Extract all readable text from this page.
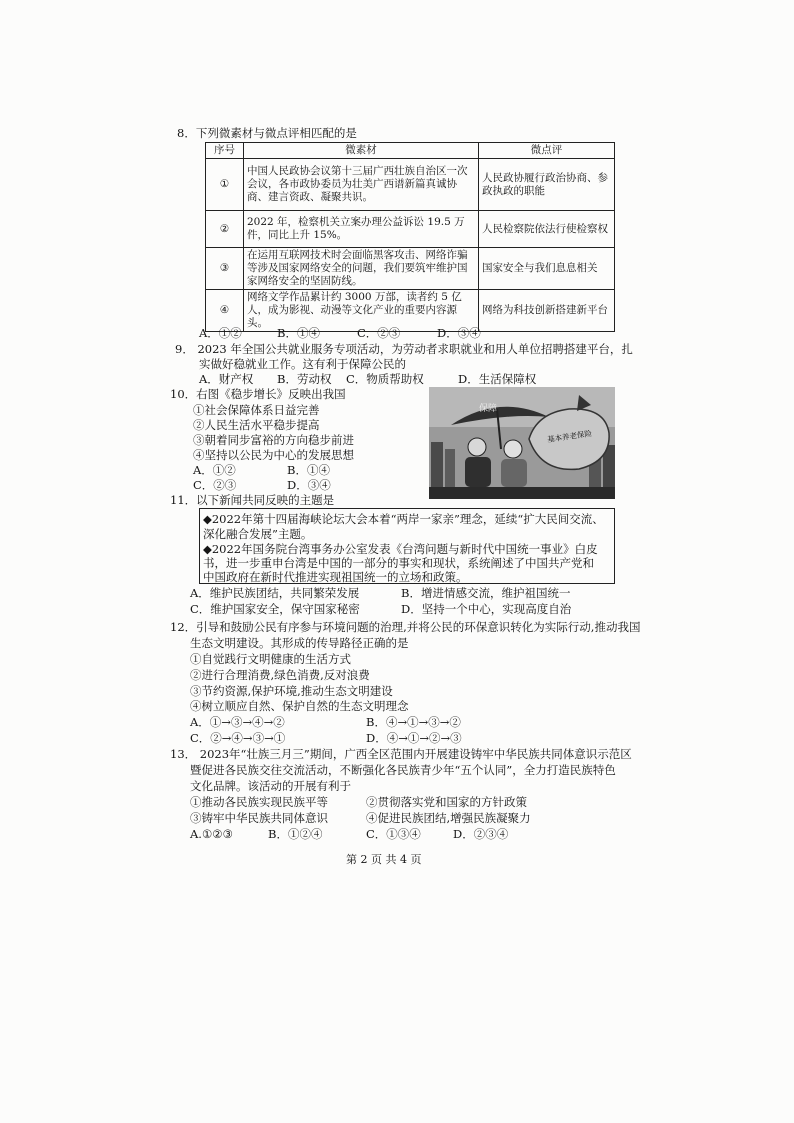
8．下列微素材与微点评相匹配的是
序号	微素材	微点评
①	中国人民政协会议第十三届广西壮族自治区一次会议，各市政协委员为壮美广西谱新篇真诚协商、建言资政、凝聚共识。	人民政协履行政治协商、参政执政的职能
②	2022 年，检察机关立案办理公益诉讼 19.5 万件，同比上升 15%。	人民检察院依法行使检察权
③	在运用互联网技术时会面临黑客攻击、网络诈骗等涉及国家网络安全的问题，我们要筑牢维护国家网络安全的坚固防线。	国家安全与我们息息相关
④	网络文学作品累计约 3000 万部，读者约 5 亿人，成为影视、动漫等文化产业的重要内容源头。	网络为科技创新搭建新平台
A．①②	B．①④	C．②③	D．③④
9． 2023 年全国公共就业服务专项活动，为劳动者求职就业和用人单位招聘搭建平台，扎
实做好稳就业工作。这有利于保障公民的
A．财产权 B．劳动权 C．物质帮助权	D．生活保障权
10．右图《稳步增长》反映出我国
①社会保障体系日益完善
②人民生活水平稳步提高
③朝着同步富裕的方向稳步前进
④坚持以公民为中心的发展思想
A．①②	B．①④
C．②③	D．③④
保障
基本养老保险
11．以下新闻共同反映的主题是
◆2022年第十四届海峡论坛大会本着“两岸一家亲”理念，延续“扩大民间交流、
深化融合发展”主题。
◆2022年国务院台湾事务办公室发表《台湾问题与新时代中国统一事业》白皮
书，进一步重申台湾是中国的一部分的事实和现状，系统阐述了中国共产党和
中国政府在新时代推进实现祖国统一的立场和政策。
A．维护民族团结，共同繁荣发展	B．增进情感交流，维护祖国统一
C．维护国家安全，保守国家秘密	D．坚持一个中心，实现高度自治
12．引导和鼓励公民有序参与环境问题的治理,并将公民的环保意识转化为实际行动,推动我国
生态文明建设。其形成的传导路径正确的是
①自觉践行文明健康的生活方式
②进行合理消费,绿色消费,反对浪费
③节约资源,保护环境,推动生态文明建设
④树立顺应自然、保护自然的生态文明理念
A．①→③→④→②	B．④→①→③→②
C．②→④→③→①	D．④→①→②→③
13． 2023年“壮族三月三”期间，广西全区范围内开展建设铸牢中华民族共同体意识示范区
暨促进各民族交往交流活动，不断强化各民族青少年“五个认同”，全力打造民族特色
文化品牌。该活动的开展有利于
①推动各民族实现民族平等	②贯彻落实党和国家的方针政策
③铸牢中华民族共同体意识	④促进民族团结,增强民族凝聚力
A.①②③	B．①②④	C．①③④	D．②③④
第 2 页 共 4 页
